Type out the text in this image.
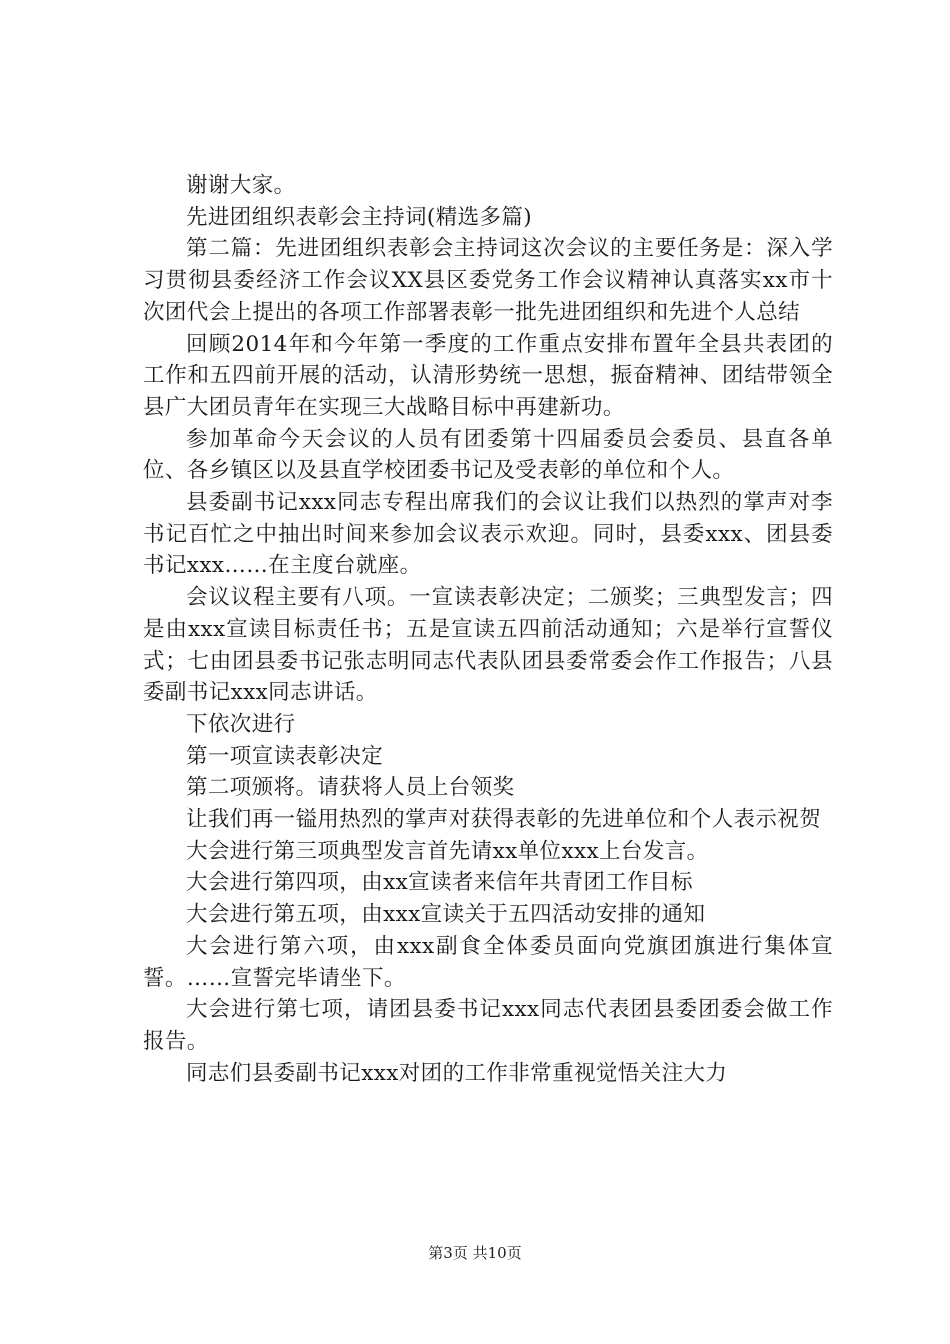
谢谢大家。

先进团组织表彰会主持词(精选多篇)

第二篇：先进团组织表彰会主持词这次会议的主要任务是：深入学习贯彻县委经济工作会议XX县区委党务工作会议精神认真落实xx市十次团代会上提出的各项工作部署表彰一批先进团组织和先进个人总结

回顾2014年和今年第一季度的工作重点安排布置年全县共表团的工作和五四前开展的活动，认清形势统一思想，振奋精神、团结带领全县广大团员青年在实现三大战略目标中再建新功。

参加革命今天会议的人员有团委第十四届委员会委员、县直各单位、各乡镇区以及县直学校团委书记及受表彰的单位和个人。

县委副书记xxx同志专程出席我们的会议让我们以热烈的掌声对李书记百忙之中抽出时间来参加会议表示欢迎。同时，县委xxx、团县委书记xxx……在主度台就座。

会议议程主要有八项。一宣读表彰决定；二颁奖；三典型发言；四是由xxx宣读目标责任书；五是宣读五四前活动通知；六是举行宣誓仪式；七由团县委书记张志明同志代表队团县委常委会作工作报告；八县委副书记xxx同志讲话。

下依次进行

第一项宣读表彰决定

第二项颁将。请获将人员上台领奖

让我们再一镒用热烈的掌声对获得表彰的先进单位和个人表示祝贺

大会进行第三项典型发言首先请xx单位xxx上台发言。

大会进行第四项，由xx宣读者来信年共青团工作目标

大会进行第五项，由xxx宣读关于五四活动安排的通知

大会进行第六项，由xxx副食全体委员面向党旗团旗进行集体宣誓。……宣誓完毕请坐下。

大会进行第七项，请团县委书记xxx同志代表团县委团委会做工作报告。

同志们县委副书记xxx对团的工作非常重视觉悟关注大力

第3页 共10页
